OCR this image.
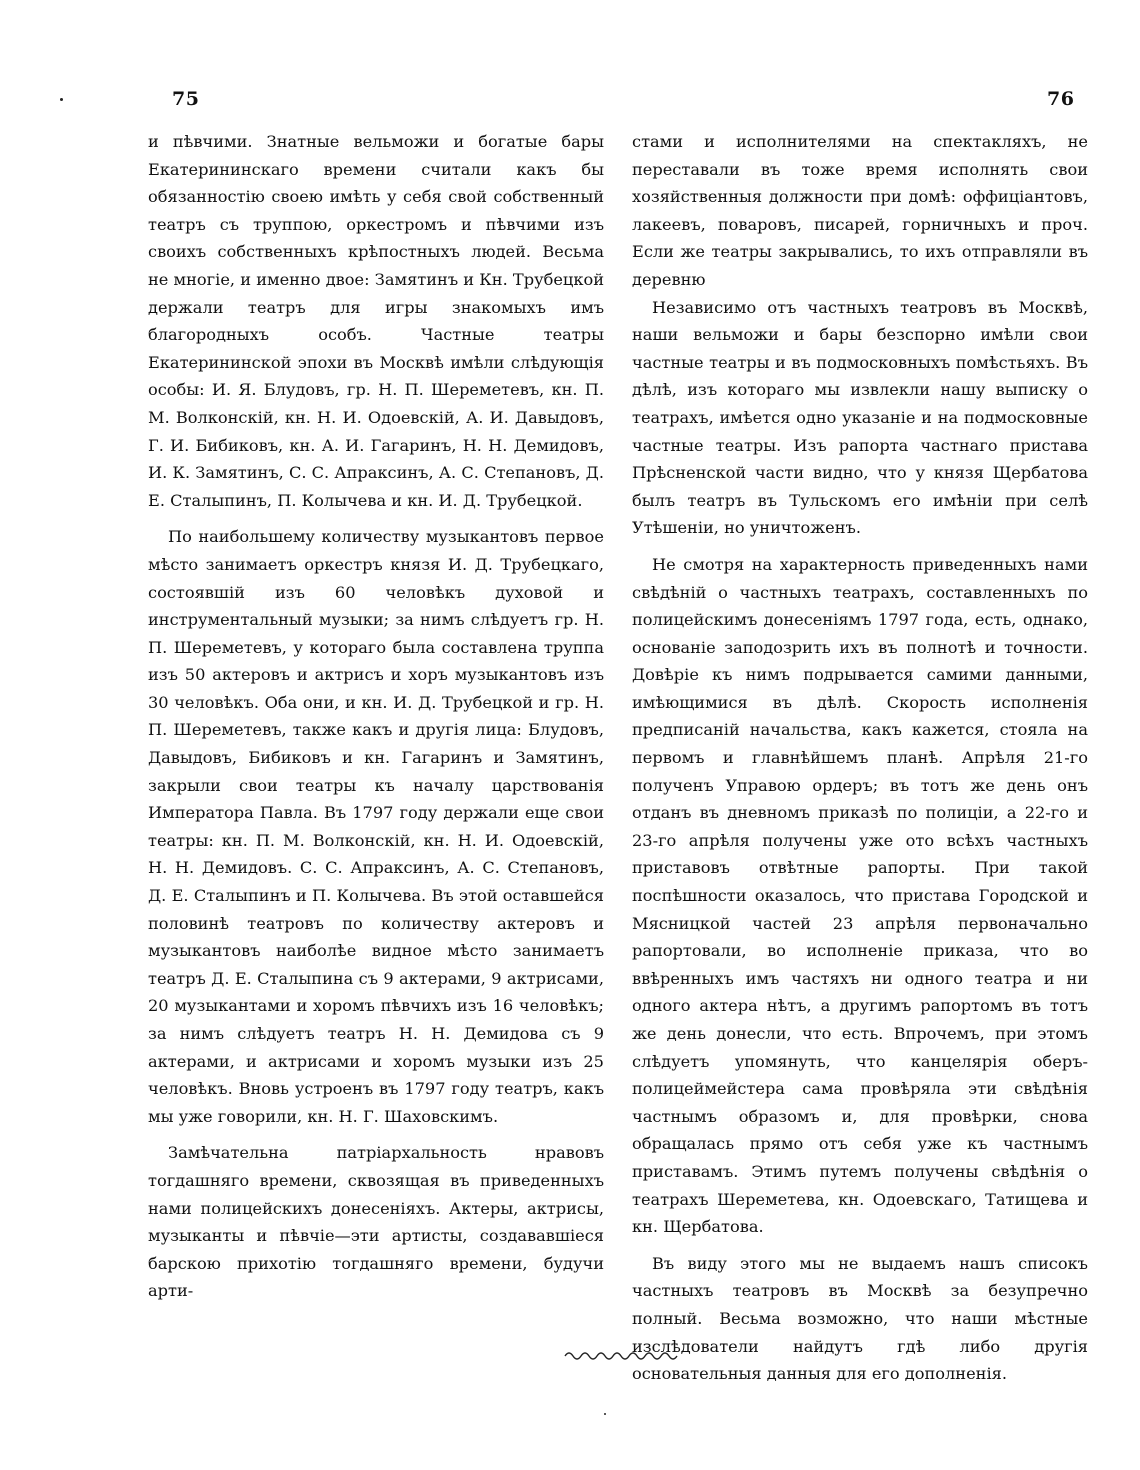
75	76

и пѣвчими. Знатные вельможи и богатые бары Екатерининскаго времени считали какъ бы обязанностію своею имѣть у себя свой собственный театръ съ труппою, оркестромъ и пѣвчими изъ своихъ собственныхъ крѣпостныхъ людей. Весьма не многіе, и именно двое: Замятинъ и Кн. Трубецкой держали театръ для игры знакомыхъ имъ благородныхъ особъ. Частные театры Екатерининской эпохи въ Москвѣ имѣли слѣдующія особы: И. Я. Блудовъ, гр. Н. П. Шереметевъ, кн. П. М. Волконскій, кн. Н. И. Одоевскій, А. И. Давыдовъ, Г. И. Бибиковъ, кн. А. И. Гагаринъ, Н. Н. Демидовъ, И. К. Замятинъ, С. С. Апраксинъ, А. С. Степановъ, Д. Е. Сталыпинъ, П. Колычева и кн. И. Д. Трубецкой.

По наибольшему количеству музыкантовъ первое мѣсто занимаетъ оркестръ князя И. Д. Трубецкаго, состоявшій изъ 60 человѣкъ духовой и инструментальный музыки; за нимъ слѣдуетъ гр. Н. П. Шереметевъ, у котораго была составлена труппа изъ 50 актеровъ и актрисъ и хоръ музыкантовъ изъ 30 человѣкъ. Оба они, и кн. И. Д. Трубецкой и гр. Н. П. Шереметевъ, также какъ и другія лица: Блудовъ, Давыдовъ, Бибиковъ и кн. Гагаринъ и Замятинъ, закрыли свои театры къ началу царствованія Императора Павла. Въ 1797 году держали еще свои театры: кн. П. М. Волконскій, кн. Н. И. Одоевскій, Н. Н. Демидовъ. С. С. Апраксинъ, А. С. Степановъ, Д. Е. Сталыпинъ и П. Колычева. Въ этой оставшейся половинѣ театровъ по количеству актеровъ и музыкантовъ наиболѣе видное мѣсто занимаетъ театръ Д. Е. Сталыпина съ 9 актерами, 9 актрисами, 20 музыкантами и хоромъ пѣвчихъ изъ 16 человѣкъ; за нимъ слѣдуетъ театръ Н. Н. Демидова съ 9 актерами, и актрисами и хоромъ музыки изъ 25 человѣкъ. Вновь устроенъ въ 1797 году театръ, какъ мы уже говорили, кн. Н. Г. Шаховскимъ.

Замѣчательна патріархальность нравовъ тогдашняго времени, сквозящая въ приведенныхъ нами полицейскихъ донесеніяхъ. Актеры, актрисы, музыканты и пѣвчіе—эти артисты, создававшіеся барскою прихотію тогдашняго времени, будучи арти-

стами и исполнителями на спектакляхъ, не переставали въ тоже время исполнять свои хозяйственныя должности при домѣ: оффиціантовъ, лакеевъ, поваровъ, писарей, горничныхъ и проч. Если же театры закрывались, то ихъ отправляли въ деревню

Независимо отъ частныхъ театровъ въ Москвѣ, наши вельможи и бары безспорно имѣли свои частные театры и въ подмосковныхъ помѣстьяхъ. Въ дѣлѣ, изъ котораго мы извлекли нашу выписку о театрахъ, имѣется одно указаніе и на подмосковные частные театры. Изъ рапорта частнаго пристава Прѣсненской части видно, что у князя Щербатова былъ театръ въ Тульскомъ его имѣніи при селѣ Утѣшеніи, но уничтоженъ.

Не смотря на характерность приведенныхъ нами свѣдѣній о частныхъ театрахъ, составленныхъ по полицейскимъ донесеніямъ 1797 года, есть, однако, основаніе заподозрить ихъ въ полнотѣ и точности. Довѣріе къ нимъ подрывается самими данными, имѣющимися въ дѣлѣ. Скорость исполненія предписаній начальства, какъ кажется, стояла на первомъ и главнѣйшемъ планѣ. Апрѣля 21-го полученъ Управою ордеръ; въ тотъ же день онъ отданъ въ дневномъ приказѣ по полиціи, а 22-го и 23-го апрѣля получены уже ото всѣхъ частныхъ приставовъ отвѣтные рапорты. При такой поспѣшности оказалось, что пристава Городской и Мясницкой частей 23 апрѣля первоначально рапортовали, во исполненіе приказа, что во ввѣренныхъ имъ частяхъ ни одного театра и ни одного актера нѣтъ, а другимъ рапортомъ въ тотъ же день донесли, что есть. Впрочемъ, при этомъ слѣдуетъ упомянуть, что канцелярія оберъ-полицеймейстера сама провѣряла эти свѣдѣнія частнымъ образомъ и, для провѣрки, снова обращалась прямо отъ себя уже къ частнымъ приставамъ. Этимъ путемъ получены свѣдѣнія о театрахъ Шереметева, кн. Одоевскаго, Татищева и кн. Щербатова.

Въ виду этого мы не выдаемъ нашъ списокъ частныхъ театровъ въ Москвѣ за безупречно полный. Весьма возможно, что наши мѣстные изслѣдователи найдутъ гдѣ либо другія основательныя данныя для его дополненія.
